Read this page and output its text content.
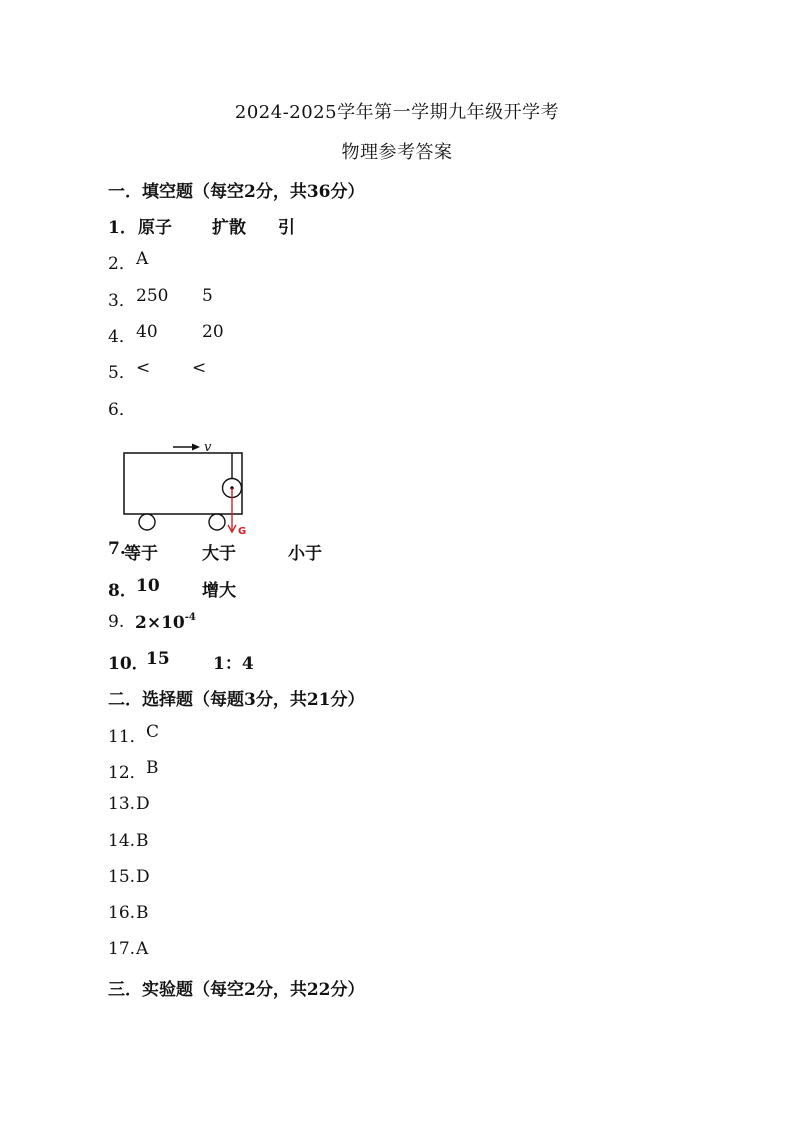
2024-2025学年第一学期九年级开学考
物理参考答案
一．填空题（每空2分，共36分）
1． 原子 扩散 引
2． A
3． 250 5
4． 40	20
5． < <
6．
v
G
7.
等于	大于	小于
8． 10 增大
9. $2\times 10^{-4}$
10．
15	1：4
二．选择题（每题3分，共21分）
11． C
12． B
13. D
14. B
15. D
16. B
17. A
三．实验题（每空2分，共22分）
